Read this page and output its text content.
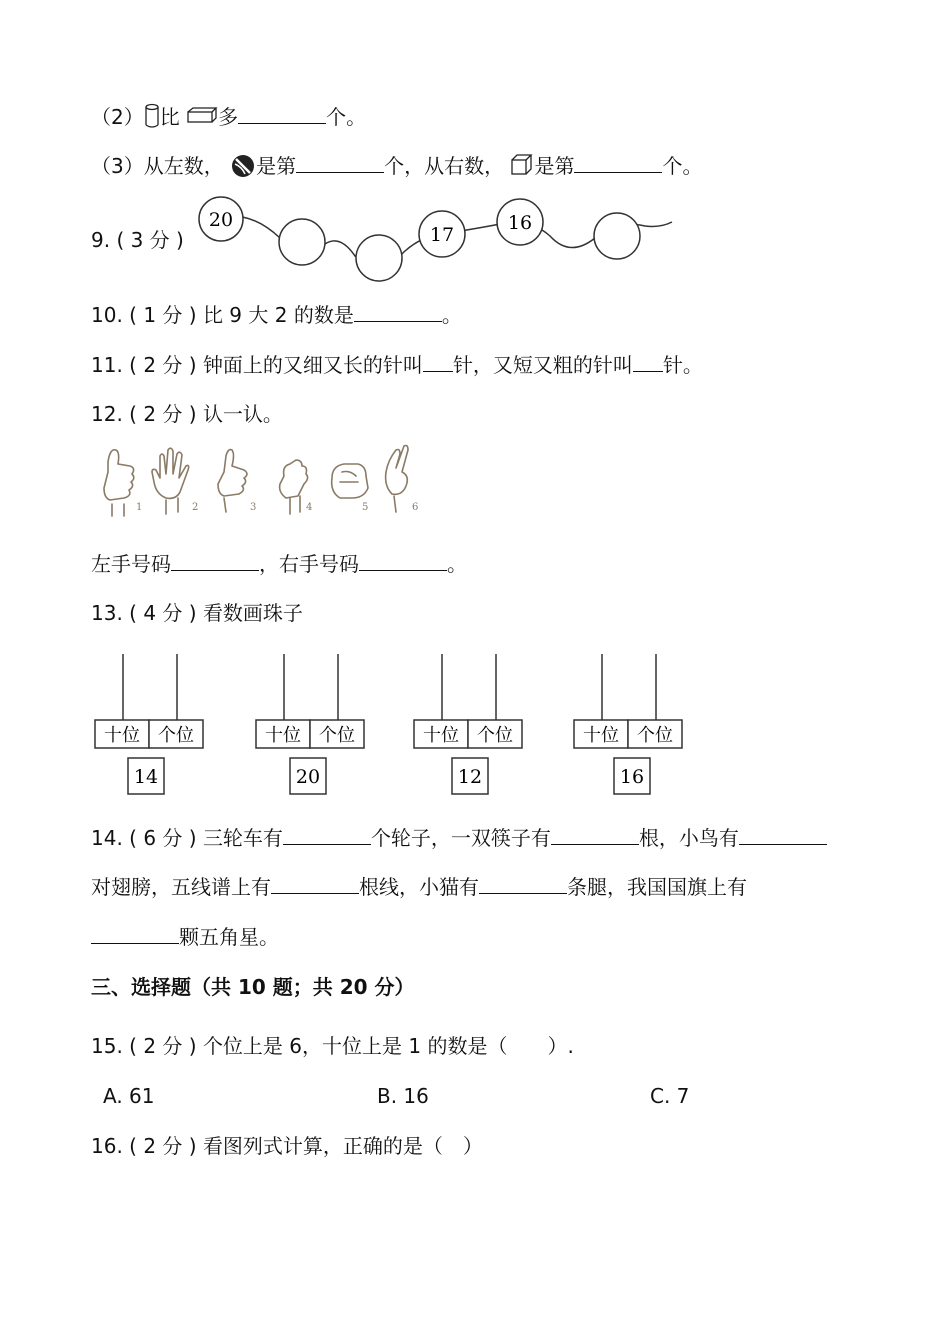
（2） 比 多	个。
（3）从左数， 是第	个，从右数， 是第	个。
9. ( 3 分 )
20
17
16
10. ( 1 分 ) 比 9 大 2 的数是	。
11. ( 2 分 ) 钟面上的又细又长的针叫 针，又短又粗的针叫 针。
12. ( 2 分 ) 认一认。
1	2	3	4	5	6
左手号码	，右手号码	。
13. ( 4 分 ) 看数画珠子
十位 个位
14
十位 个位
20
十位 个位
12
十位 个位
16
14. ( 6 分 ) 三轮车有	个轮子，一双筷子有	根，小鸟有
对翅膀，五线谱上有	根线，小猫有	条腿，我国国旗上有
颗五角星。
三、选择题（共 10 题；共 20 分）
15. ( 2 分 ) 个位上是 6，十位上是 1 的数是（　　）.
A. 61	B. 16	C. 7
16. ( 2 分 ) 看图列式计算，正确的是（　）
